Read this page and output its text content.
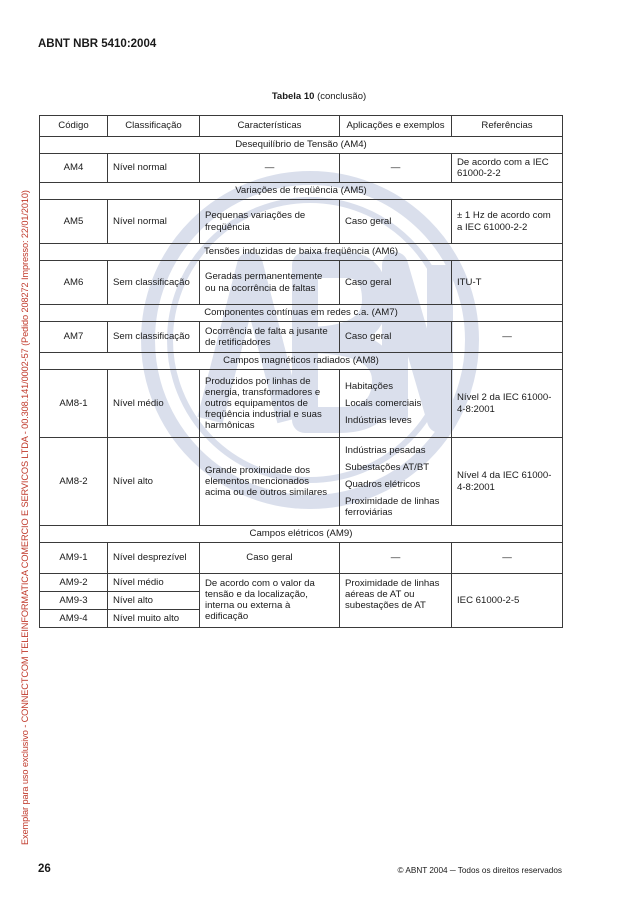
ABNT NBR 5410:2004
Exemplar para uso exclusivo - CONNECTCOM TELEINFORMATICA COMERCIO E SERVICOS LTDA - 00.308.141/0002-57 (Pedido 208272 Impresso: 22/01/2010)
Tabela 10 (conclusão)
Código	Classificação	Características	Aplicações e exemplos	Referências
Desequilíbrio de Tensão (AM4)				
AM4	Nível normal	—	—	De acordo com a IEC 61000-2-2
Variações de freqüência (AM5)				
AM5	Nível normal	Pequenas variações de freqüência	Caso geral	± 1 Hz de acordo com a IEC 61000-2-2
Tensões induzidas de baixa freqüência (AM6)				
AM6	Sem classificação	Geradas permanentemente ou na ocorrência de faltas	Caso geral	ITU-T
Componentes contínuas em redes c.a. (AM7)				
AM7	Sem classificação	Ocorrência de falta a jusante de retificadores	Caso geral	—
Campos magnéticos radiados (AM8)				
AM8-1	Nível médio	Produzidos por linhas de energia, transformadores e outros equipamentos de freqüência industrial e suas harmônicas	Habitações
Locais comerciais
Indústrias leves	Nível 2 da IEC 61000-4-8:2001
AM8-2	Nível alto	Grande proximidade dos elementos mencionados acima ou de outros similares	Indústrias pesadas
Subestações AT/BT
Quadros elétricos
Proximidade de linhas ferroviárias	Nível 4 da IEC 61000-4-8:2001
Campos elétricos (AM9)				
AM9-1	Nível desprezível	Caso geral	—	—
AM9-2	Nível médio	De acordo com o valor da tensão e da localização, interna ou externa à edificação	Proximidade de linhas aéreas de AT ou subestações de AT	IEC 61000-2-5
AM9-3	Nível alto			
AM9-4	Nível muito alto			
26	© ABNT 2004 ─ Todos os direitos reservados
